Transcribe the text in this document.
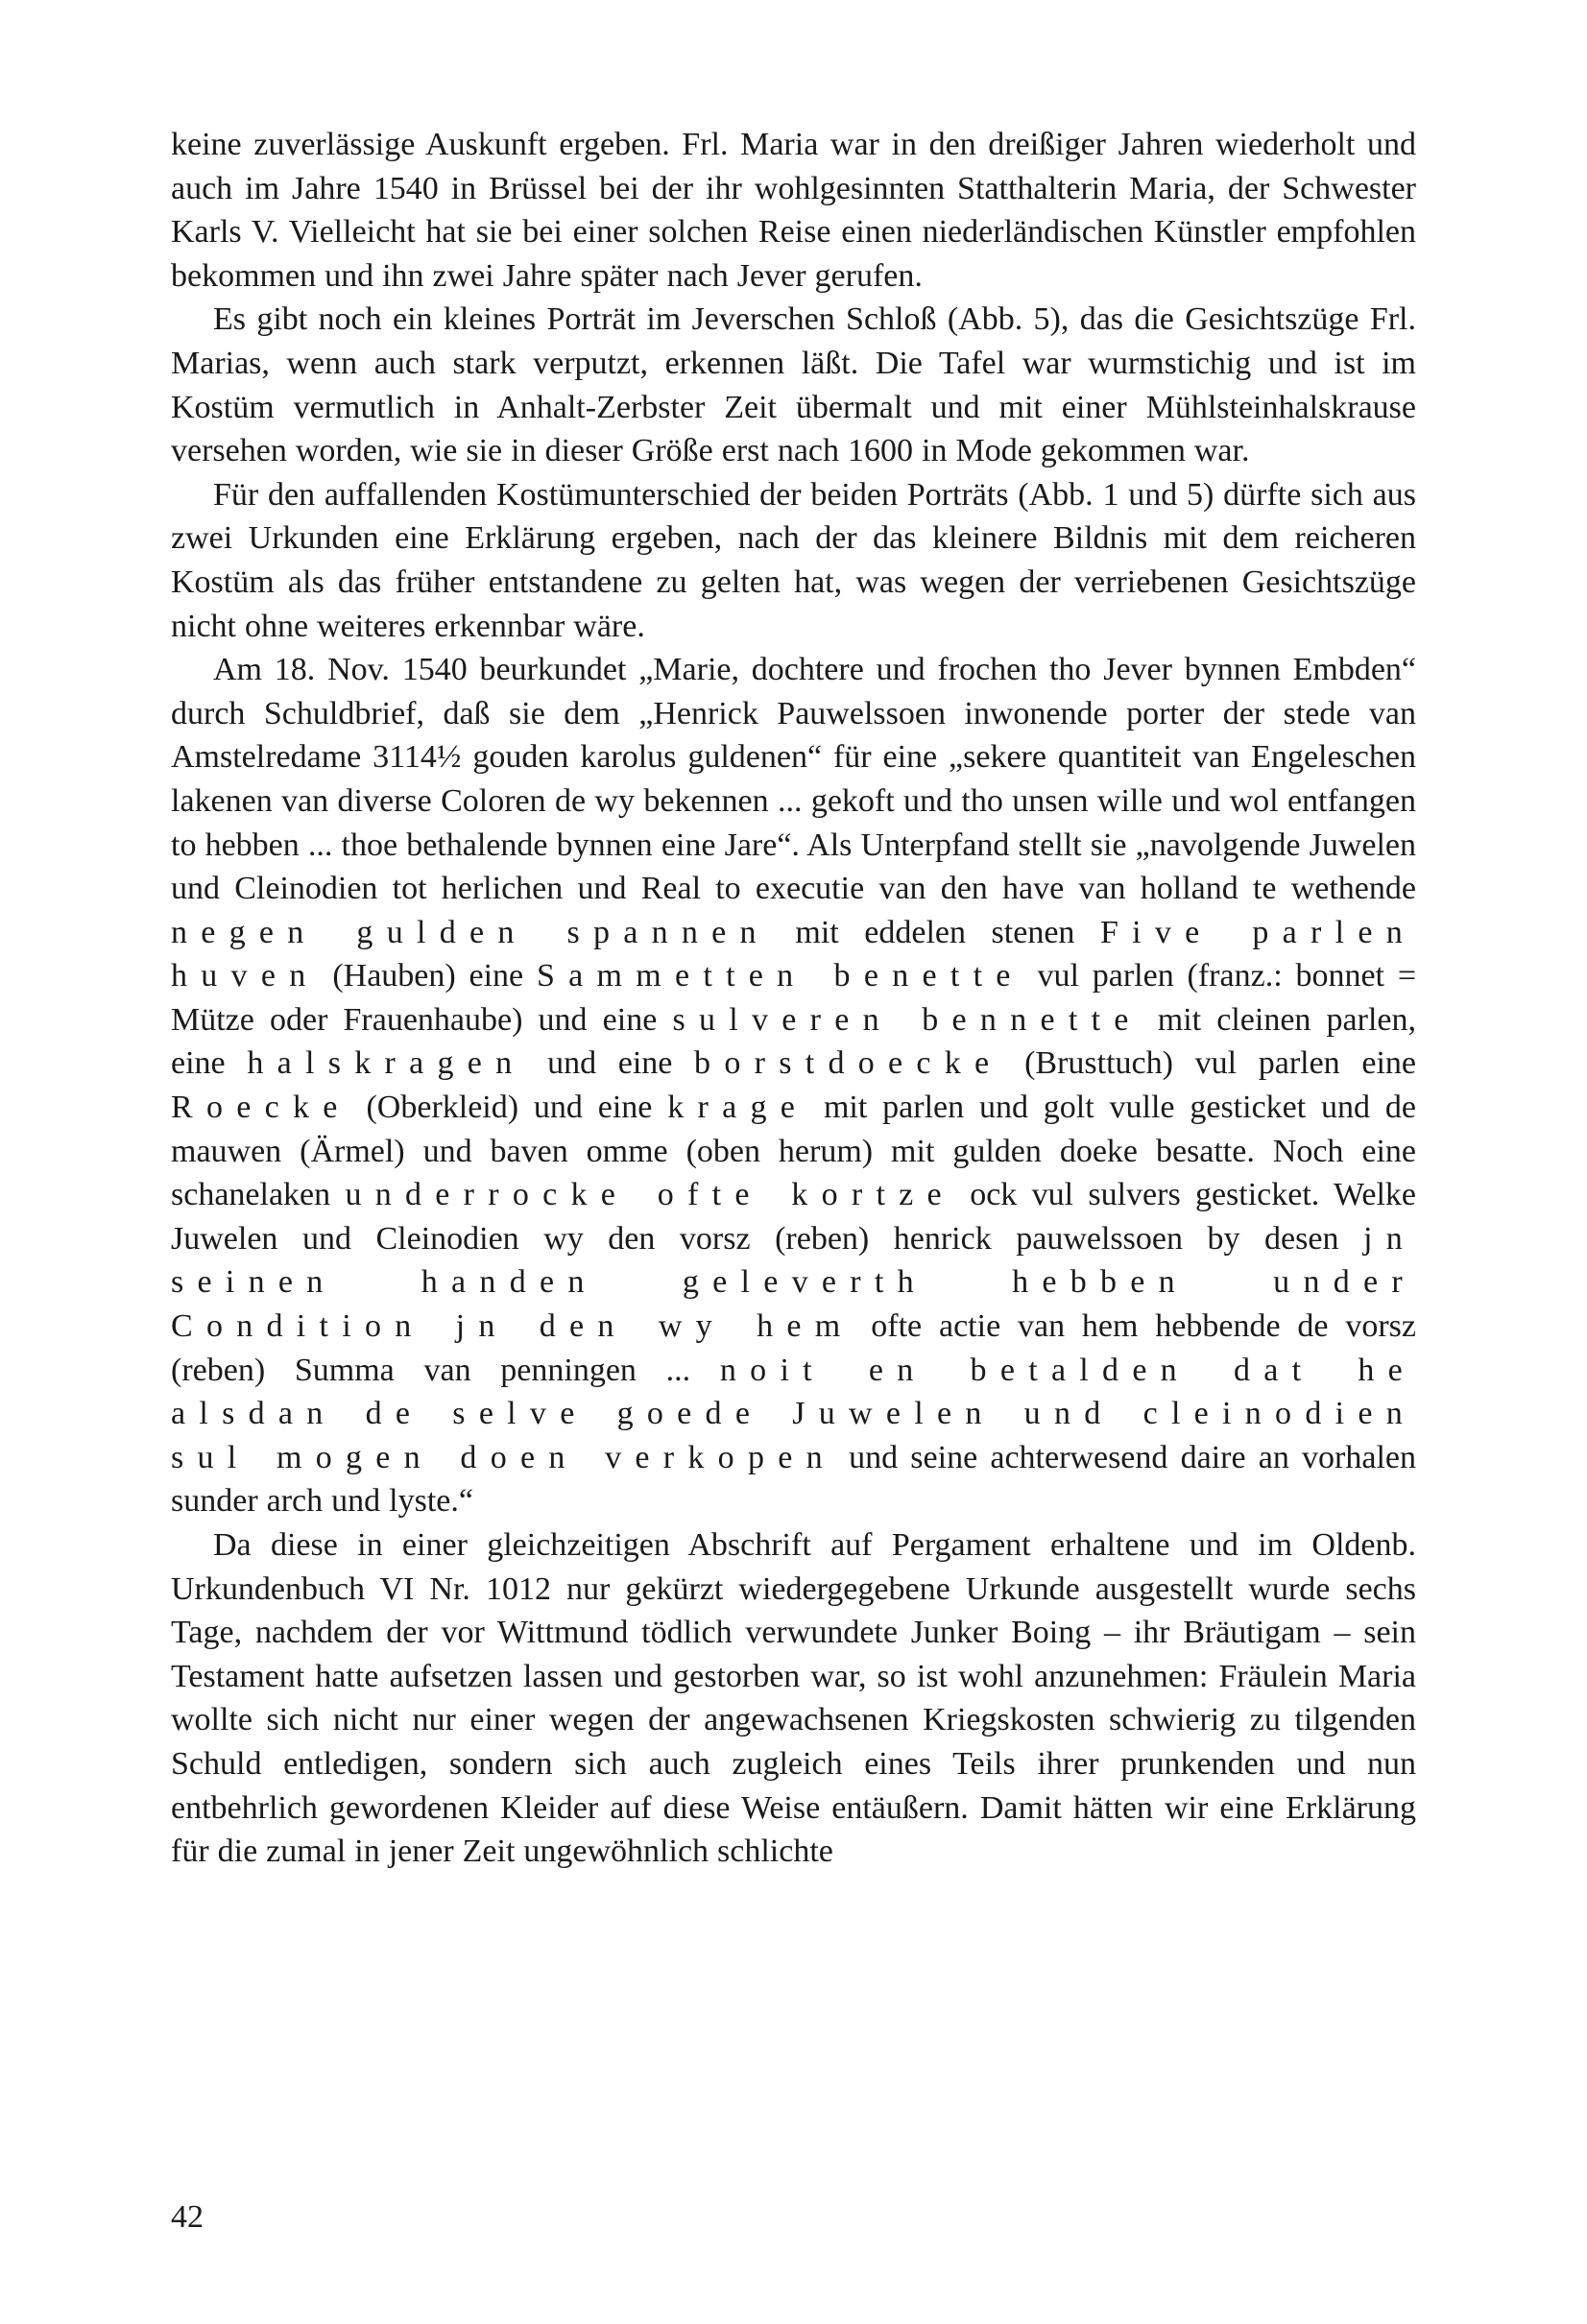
keine zuverlässige Auskunft ergeben. Frl. Maria war in den dreißiger Jahren wiederholt und auch im Jahre 1540 in Brüssel bei der ihr wohlgesinnten Statthalterin Maria, der Schwester Karls V. Vielleicht hat sie bei einer solchen Reise einen niederländischen Künstler empfohlen bekommen und ihn zwei Jahre später nach Jever gerufen.

Es gibt noch ein kleines Porträt im Jeverschen Schloß (Abb. 5), das die Gesichtszüge Frl. Marias, wenn auch stark verputzt, erkennen läßt. Die Tafel war wurmstichig und ist im Kostüm vermutlich in Anhalt-Zerbster Zeit übermalt und mit einer Mühlsteinhalskrause versehen worden, wie sie in dieser Größe erst nach 1600 in Mode gekommen war.

Für den auffallenden Kostümunterschied der beiden Porträts (Abb. 1 und 5) dürfte sich aus zwei Urkunden eine Erklärung ergeben, nach der das kleinere Bildnis mit dem reicheren Kostüm als das früher entstandene zu gelten hat, was wegen der verriebenen Gesichtszüge nicht ohne weiteres erkennbar wäre.

Am 18. Nov. 1540 beurkundet „Marie, dochtere und frochen tho Jever bynnen Embden“ durch Schuldbrief, daß sie dem „Henrick Pauwelssoen inwonende porter der stede van Amstelredame 3114½ gouden karolus guldenen“ für eine „sekere quantiteit van Engeleschen lakenen van diverse Coloren de wy bekennen ... gekoft und tho unsen wille und wol entfangen to hebben ... thoe bethalende bynnen eine Jare“. Als Unterpfand stellt sie „navolgende Juwelen und Cleinodien tot herlichen und Real to executie van den have van holland te wethende negen gulden spannen mit eddelen stenen Five parlen huven (Hauben) eine Sammetten benette vul parlen (franz.: bonnet = Mütze oder Frauenhaube) und eine sulveren bennette mit cleinen parlen, eine halskragen und eine borstdoecke (Brusttuch) vul parlen eine Roecke (Oberkleid) und eine krage mit parlen und golt vulle gesticket und de mauwen (Ärmel) und baven omme (oben herum) mit gulden doeke besatte. Noch eine schanelaken underrocke ofte kortze ock vul sulvers gesticket. Welke Juwelen und Cleinodien wy den vorsz (reben) henrick pauwelssoen by desen jn seinen handen geleverth hebben under Condition jn den wy hem ofte actie van hem hebbende de vorsz (reben) Summa van penningen ... noit en betalden dat he alsdan de selve goede Juwelen und cleinodien sul mogen doen verkopen und seine achterwesend daire an vorhalen sunder arch und lyste.“

Da diese in einer gleichzeitigen Abschrift auf Pergament erhaltene und im Oldenb. Urkundenbuch VI Nr. 1012 nur gekürzt wiedergegebene Urkunde ausgestellt wurde sechs Tage, nachdem der vor Wittmund tödlich verwundete Junker Boing – ihr Bräutigam – sein Testament hatte aufsetzen lassen und gestorben war, so ist wohl anzunehmen: Fräulein Maria wollte sich nicht nur einer wegen der angewachsenen Kriegskosten schwierig zu tilgenden Schuld entledigen, sondern sich auch zugleich eines Teils ihrer prunkenden und nun entbehrlich gewordenen Kleider auf diese Weise entäußern. Damit hätten wir eine Erklärung für die zumal in jener Zeit ungewöhnlich schlichte

42
